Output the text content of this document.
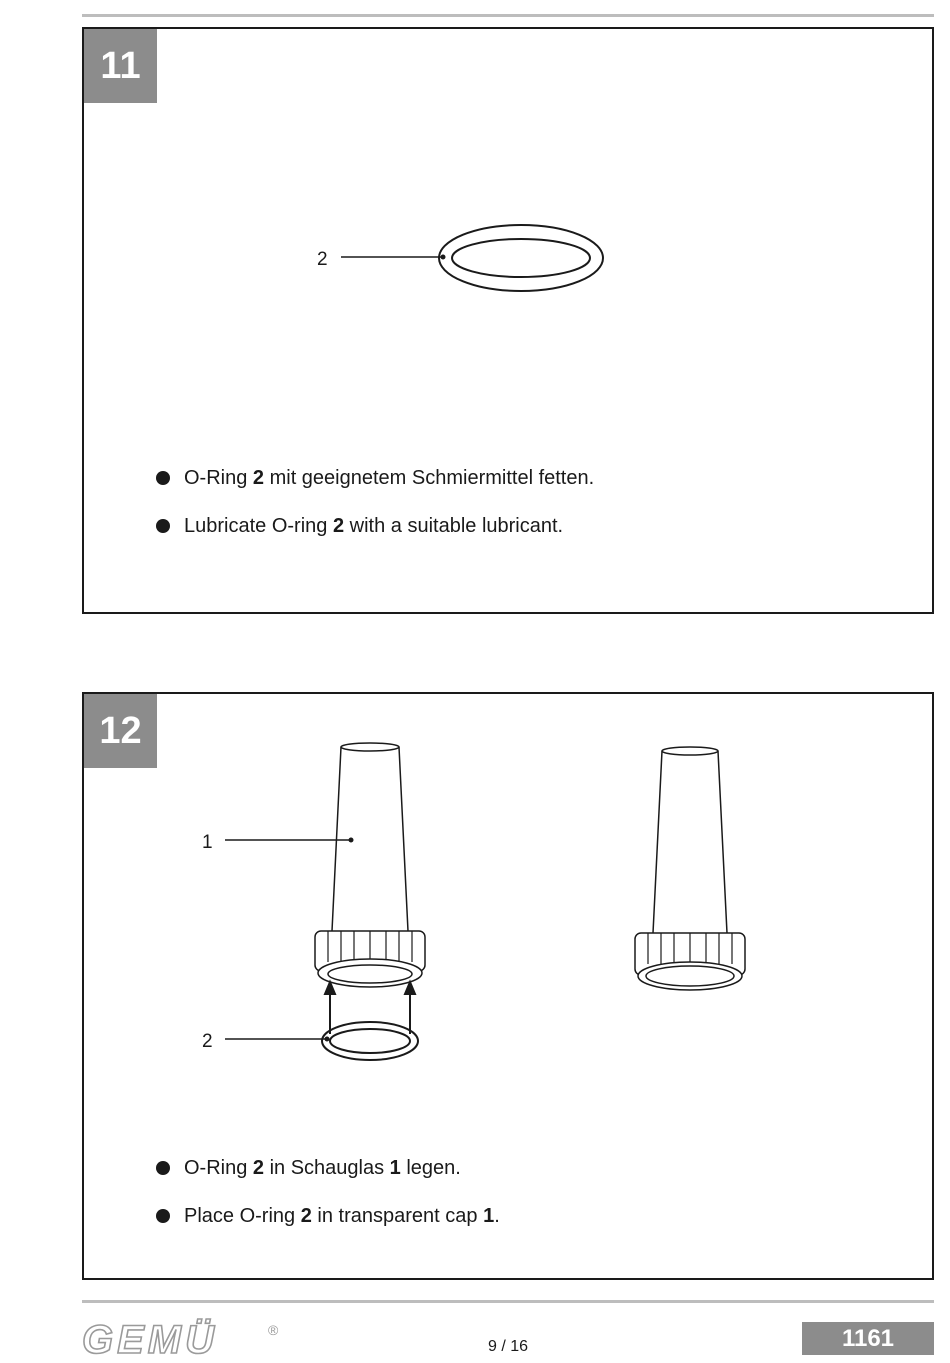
11
2
O-Ring 2 mit geeignetem Schmiermittel fetten.
Lubricate O-ring 2 with a suitable lubricant.
12
1
2
O-Ring 2 in Schauglas 1 legen.
Place O-ring 2 in transparent cap 1.
GEMÜ	®
9 / 16	1161
